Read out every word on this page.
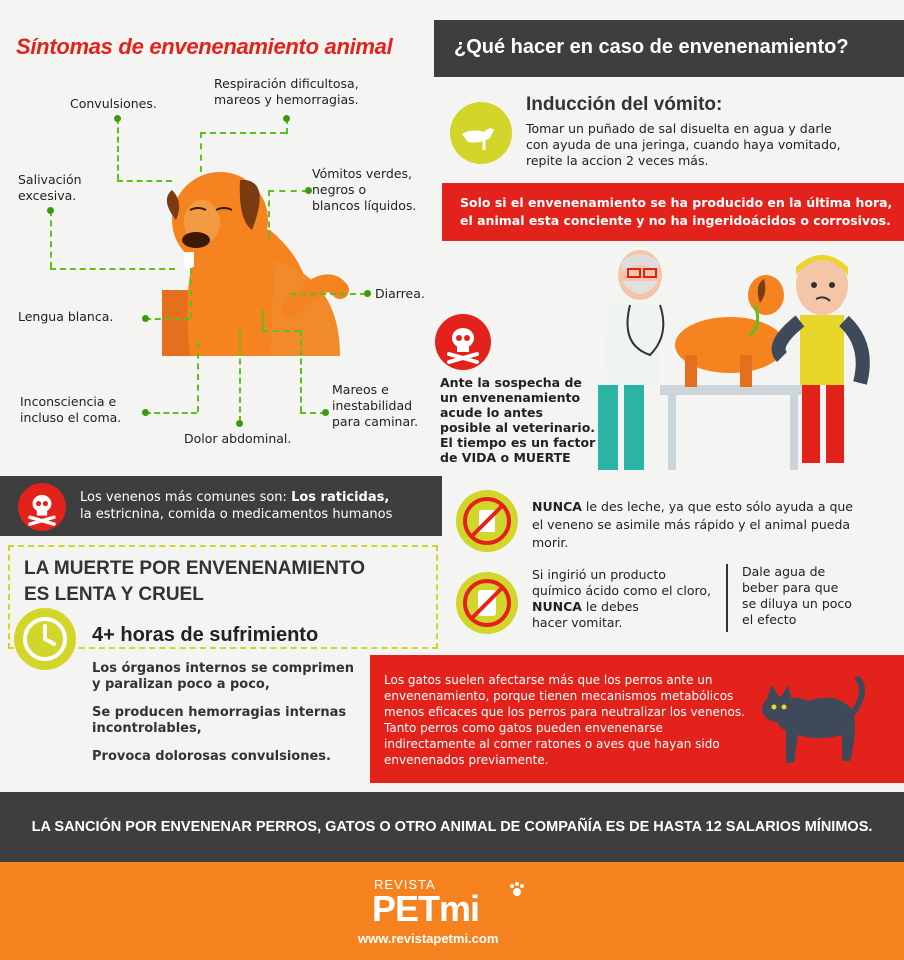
Síntomas de envenenamiento animal
Convulsiones.
Respiración dificultosa,
mareos y hemorragias.
Salivación
excesiva.
Vómitos verdes,
negros o
blancos líquidos.
Diarrea.
Lengua blanca.
Inconsciencia e
incluso el coma.
Dolor abdominal.
Mareos e
inestabilidad
para caminar.
¿Qué hacer en caso de envenenamiento?
Inducción del vómito:
Tomar un puñado de sal disuelta en agua y darle
con ayuda de una jeringa, cuando haya vomitado,
repite la accion 2 veces más.
Solo si el envenenamiento se ha producido en la última hora,
el animal esta conciente y no ha ingeridoácidos o corrosivos.
Ante la sospecha de
un envenenamiento
acude lo antes
posible al veterinario.
El tiempo es un factor
de VIDA o MUERTE
Los venenos más comunes son: Los raticidas,
la estricnina, comida o medicamentos humanos
LA MUERTE POR ENVENENAMIENTO
ES LENTA Y CRUEL
4+ horas de sufrimiento
Los órganos internos se comprimen
y paralizan poco a poco,
Se producen hemorragias internas
incontrolables,
Provoca dolorosas convulsiones.
NUNCA le des leche, ya que esto sólo ayuda a que
el veneno se asimile más rápido y el animal pueda
morir.
Si ingirió un producto
químico ácido como el cloro,
NUNCA le debes
hacer vomitar.
Dale agua de
beber para que
se diluya un poco
el efecto
Los gatos suelen afectarse más que los perros ante un
envenenamiento, porque tienen mecanismos metabólicos
menos eficaces que los perros para neutralizar los venenos.
Tanto perros como gatos pueden envenenarse
indirectamente al comer ratones o aves que hayan sido
envenenados previamente.
LA SANCIÓN POR ENVENENAR PERROS, GATOS O OTRO ANIMAL DE COMPAÑÍA ES DE HASTA 12 SALARIOS MÍNIMOS.
REVISTA
PETmi
www.revistapetmi.com
